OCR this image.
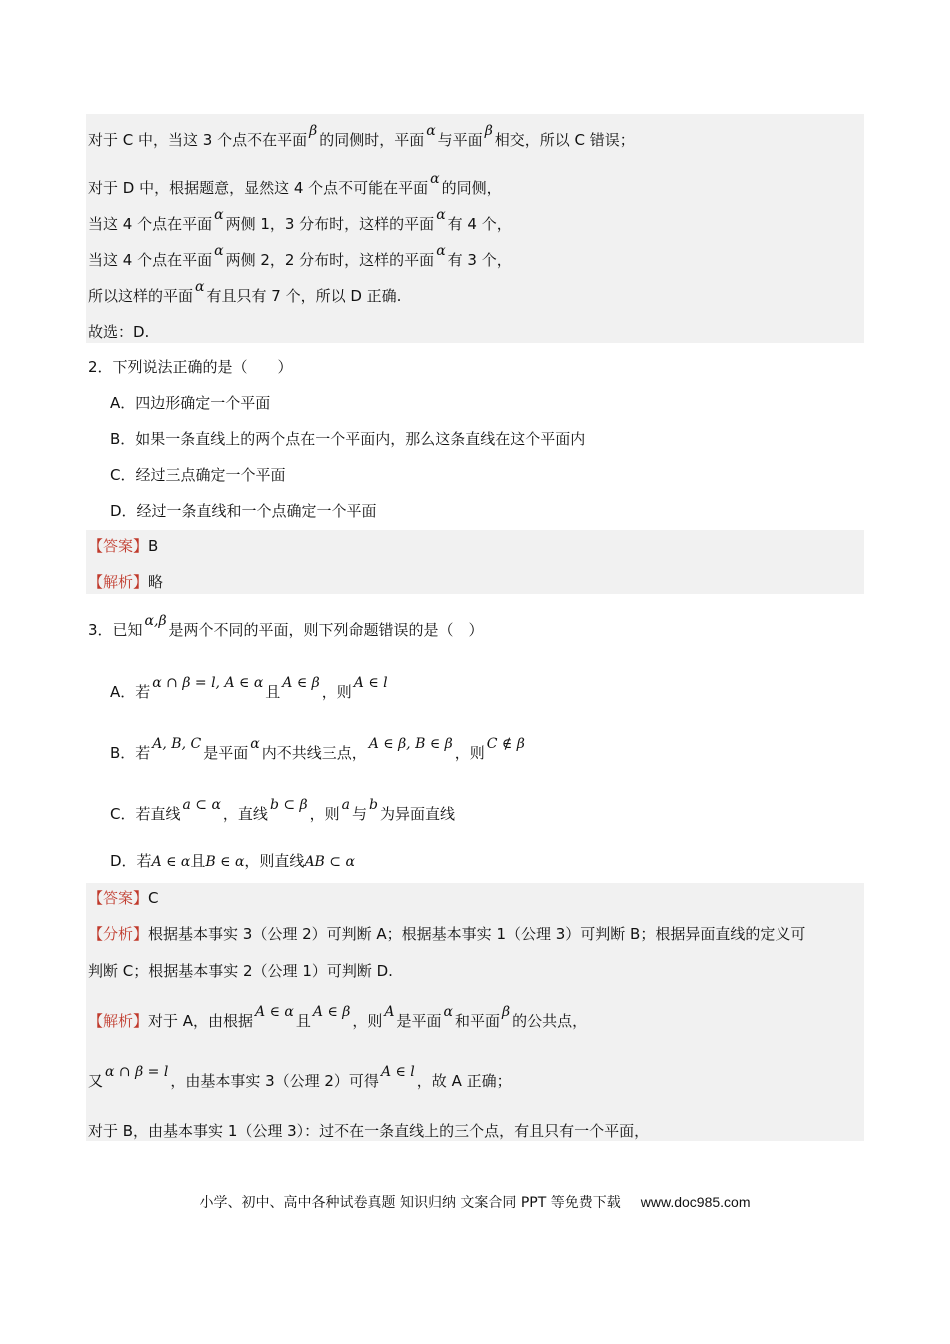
对于 C 中，当这 3 个点不在平面 β 的同侧时，平面 α 与平面 β 相交，所以 C 错误；
对于 D 中，根据题意，显然这 4 个点不可能在平面 α 的同侧，
当这 4 个点在平面 α 两侧 1，3 分布时，这样的平面 α 有 4 个，
当这 4 个点在平面 α 两侧 2，2 分布时，这样的平面 α 有 3 个，
所以这样的平面 α 有且只有 7 个，所以 D 正确.
故选：D.
2．下列说法正确的是（　　）
A．四边形确定一个平面
B．如果一条直线上的两个点在一个平面内，那么这条直线在这个平面内
C．经过三点确定一个平面
D．经过一条直线和一个点确定一个平面
【答案】B
【解析】略
3．已知 α,β 是两个不同的平面，则下列命题错误的是（　）
A．若 α ∩ β = l, A ∈ α 且 A ∈ β ，则 A ∈ l
B．若 A, B, C 是平面 α 内不共线三点， A ∈ β, B ∈ β ，则 C ∉ β
C．若直线 a ⊂ α ，直线 b ⊂ β ，则 a 与 b 为异面直线
D．若A ∈ α且B ∈ α，则直线AB ⊂ α
【答案】C
【分析】根据基本事实 3（公理 2）可判断 A；根据基本事实 1（公理 3）可判断 B；根据异面直线的定义可
判断 C；根据基本事实 2（公理 1）可判断 D.
【解析】对于 A，由根据 A ∈ α 且 A ∈ β ，则 A 是平面 α 和平面 β 的公共点，
又 α ∩ β = l ，由基本事实 3（公理 2）可得 A ∈ l ，故 A 正确；
对于 B，由基本事实 1（公理 3）：过不在一条直线上的三个点，有且只有一个平面，
小学、初中、高中各种试卷真题 知识归纳 文案合同 PPT 等免费下载 www.doc985.com
